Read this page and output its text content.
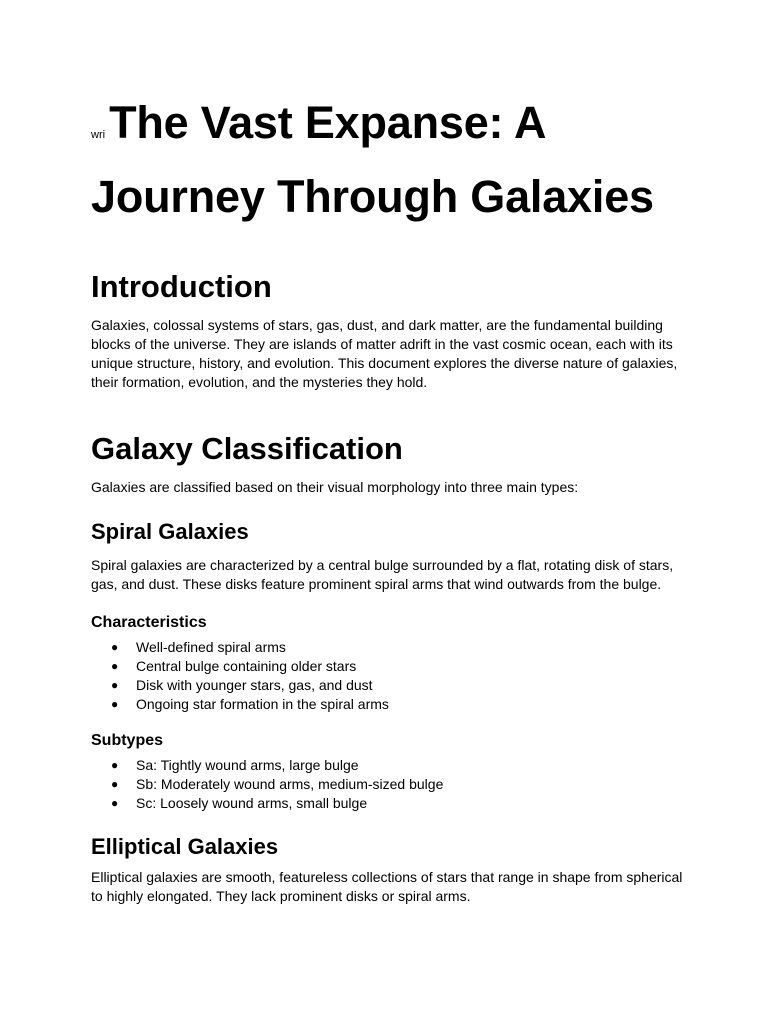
wriThe Vast Expanse: A Journey Through Galaxies
Introduction

Galaxies, colossal systems of stars, gas, dust, and dark matter, are the fundamental building blocks of the universe. They are islands of matter adrift in the vast cosmic ocean, each with its unique structure, history, and evolution. This document explores the diverse nature of galaxies, their formation, evolution, and the mysteries they hold.

Galaxy Classification

Galaxies are classified based on their visual morphology into three main types:

Spiral Galaxies

Spiral galaxies are characterized by a central bulge surrounded by a flat, rotating disk of stars, gas, and dust. These disks feature prominent spiral arms that wind outwards from the bulge.

Characteristics
● Well-defined spiral arms
● Central bulge containing older stars
● Disk with younger stars, gas, and dust
● Ongoing star formation in the spiral arms
Subtypes
● Sa: Tightly wound arms, large bulge
● Sb: Moderately wound arms, medium-sized bulge
● Sc: Loosely wound arms, small bulge
Elliptical Galaxies

Elliptical galaxies are smooth, featureless collections of stars that range in shape from spherical to highly elongated. They lack prominent disks or spiral arms.
